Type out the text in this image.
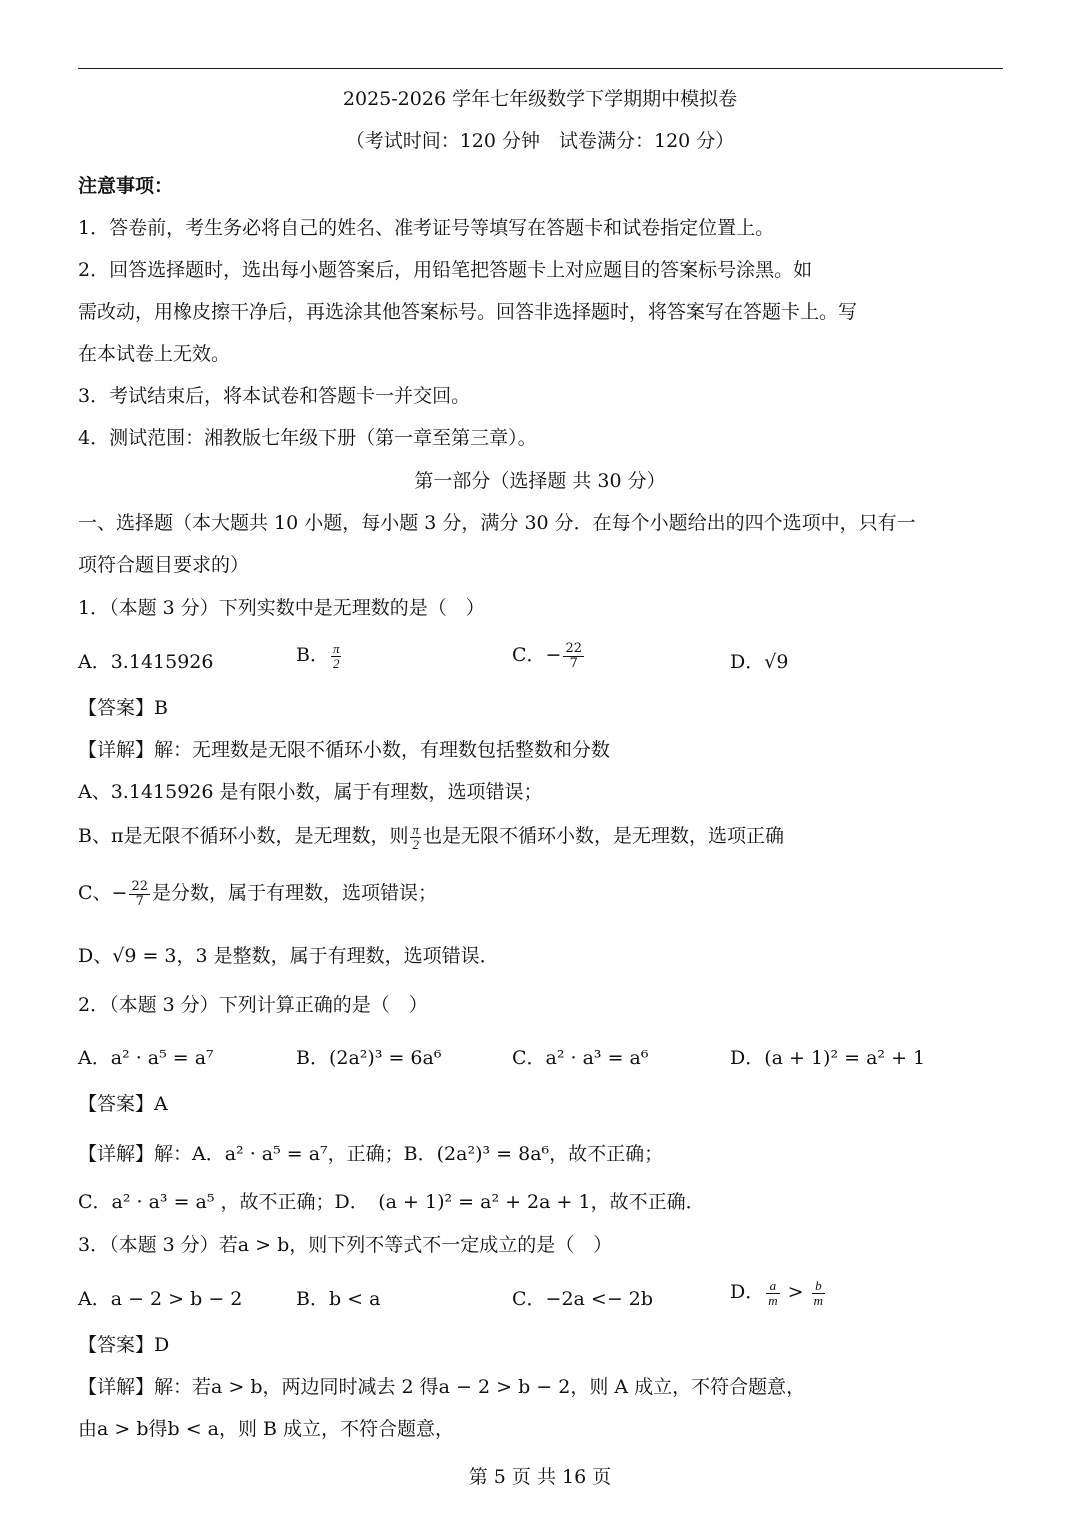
2025-2026 学年七年级数学下学期期中模拟卷
（考试时间：120 分钟　试卷满分：120 分）
注意事项：
1．答卷前，考生务必将自己的姓名、准考证号等填写在答题卡和试卷指定位置上。
2．回答选择题时，选出每小题答案后，用铅笔把答题卡上对应题目的答案标号涂黑。如
需改动，用橡皮擦干净后，再选涂其他答案标号。回答非选择题时，将答案写在答题卡上。写
在本试卷上无效。
3．考试结束后，将本试卷和答题卡一并交回。
4．测试范围：湘教版七年级下册（第一章至第三章）。
第一部分（选择题 共 30 分）
一、选择题（本大题共 10 小题，每小题 3 分，满分 30 分．在每个小题给出的四个选项中，只有一
项符合题目要求的）
1．（本题 3 分）下列实数中是无理数的是（　）
A．3.1415926	B． $\frac{\pi}{2}$	C．− $\frac{22}{7}$	D．√9
【答案】B
【详解】解：无理数是无限不循环小数，有理数包括整数和分数
A、3.1415926 是有限小数，属于有理数，选项错误；
B、π是无限不循环小数，是无理数，则 $\frac{\pi}{2}$ 也是无限不循环小数，是无理数，选项正确
C、− $\frac{22}{7}$ 是分数，属于有理数，选项错误；
D、√9 = 3，3 是整数，属于有理数，选项错误．
2．（本题 3 分）下列计算正确的是（　）
A．a² · a⁵ = a⁷	B．(2a²)³ = 6a⁶	C．a² · a³ = a⁶	D．(a + 1)² = a² + 1
【答案】A
【详解】解：A．a² · a⁵ = a⁷，正确；B．(2a²)³ = 8a⁶，故不正确；
C．a² · a³ = a⁵ ，故不正确；D．　(a + 1)² = a² + 2a + 1，故不正确．
3．（本题 3 分）若a > b，则下列不等式不一定成立的是（　）
A．a − 2 > b − 2	B．b < a	C．−2a <− 2b	D． $\frac{a}{m} > \frac{b}{m}$
【答案】D
【详解】解：若a > b，两边同时减去 2 得a − 2 > b − 2，则 A 成立，不符合题意，
由a > b得b < a，则 B 成立，不符合题意，
第 5 页 共 16 页
